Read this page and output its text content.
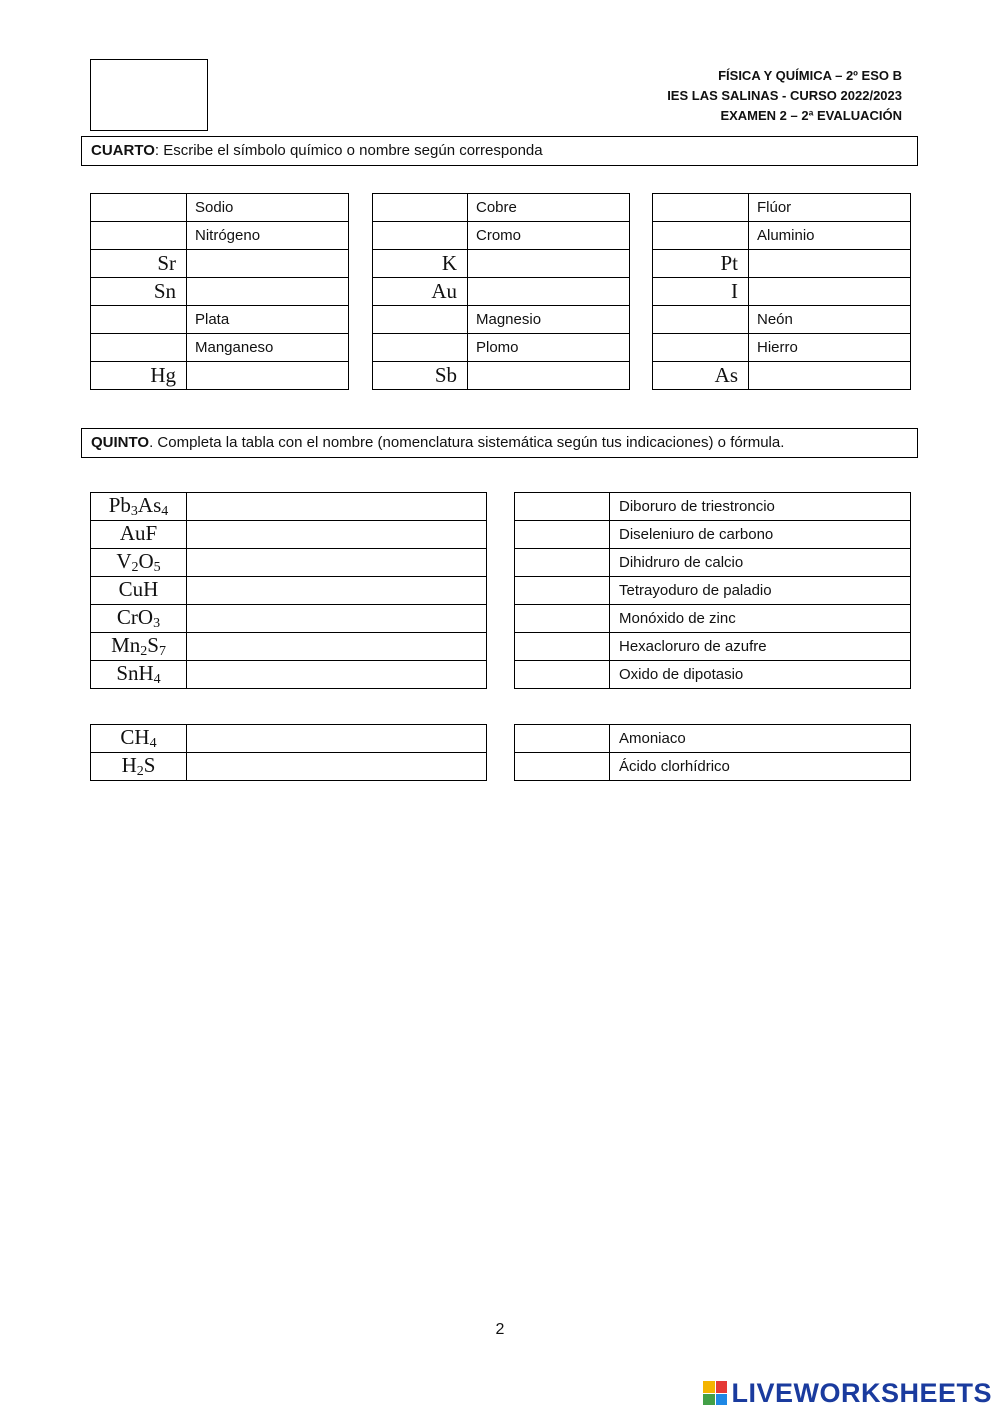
FÍSICA Y QUÍMICA – 2º ESO B
IES LAS SALINAS - CURSO 2022/2023
EXAMEN 2 – 2ª EVALUACIÓN
CUARTO: Escribe el símbolo químico o nombre según corresponda
	Sodio
	Nitrógeno
Sr	
Sn	
	Plata
	Manganeso
Hg	
	Cobre
	Cromo
K	
Au	
	Magnesio
	Plomo
Sb	
	Flúor
	Aluminio
Pt	
I	
	Neón
	Hierro
As	
QUINTO. Completa la tabla con el nombre (nomenclatura sistemática según tus indicaciones) o fórmula.
$Pb_3As_4$	
AuF	
$V_2O_5$	
CuH	
CrO$_3$	
$Mn_2S_7$	
SnH$_4$	
	Diboruro de triestroncio
	Diseleniuro de carbono
	Dihidruro de calcio
	Tetrayoduro de paladio
	Monóxido de zinc
	Hexacloruro de azufre
	Oxido de dipotasio
$CH_4$	
$H_2S$	
	Amoniaco
	Ácido clorhídrico
2
LIVEWORKSHEETS
